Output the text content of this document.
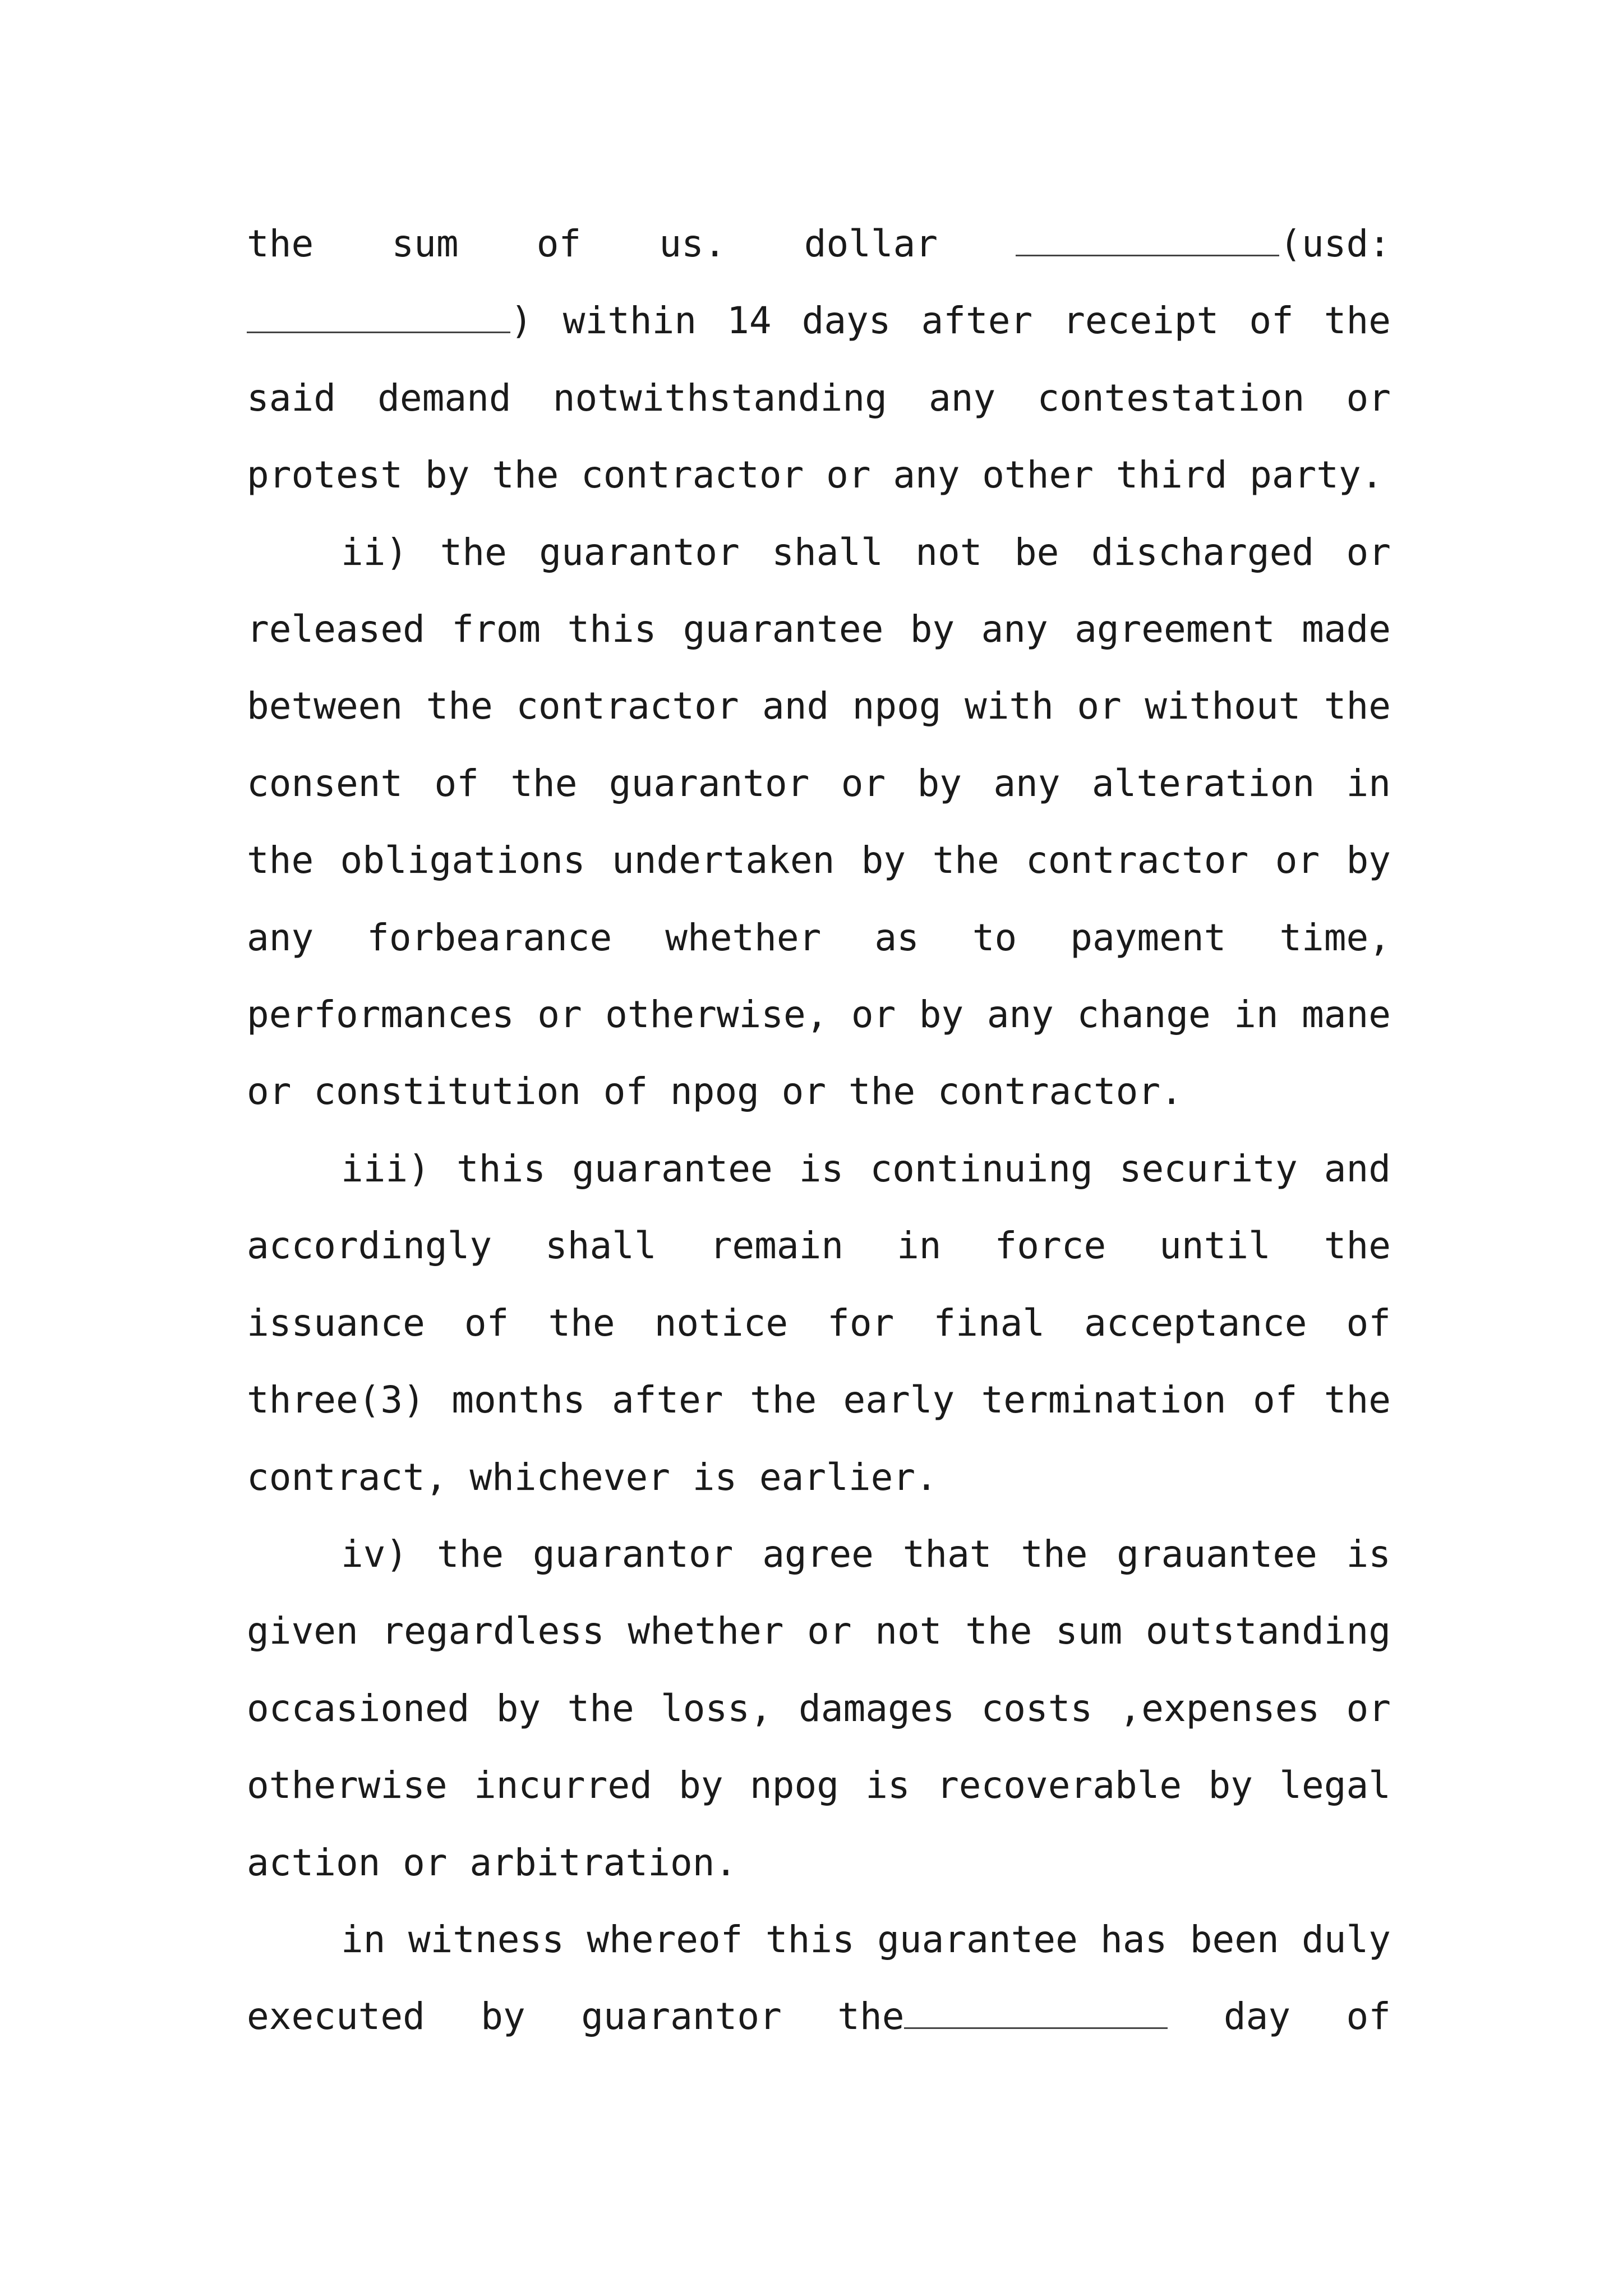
the sum of us. dollar	(usd: ) within 14 days after receipt of the said demand notwithstanding any contestation or protest by the contractor or any other third party.

ii) the guarantor shall not be discharged or released from this guarantee by any agreement made between the contractor and npog with or without the consent of the guarantor or by any alteration in the obligations undertaken by the contractor or by any forbearance whether as to payment time, performances or otherwise, or by any change in mane or constitution of npog or the contractor.

iii) this guarantee is continuing security and accordingly shall remain in force until the issuance of the notice for final acceptance of three(3) months after the early termination of the contract, whichever is earlier.

iv) the guarantor agree that the grauantee is given regardless whether or not the sum outstanding occasioned by the loss, damages costs ,expenses or otherwise incurred by npog is recoverable by legal action or arbitration.

in witness whereof this guarantee has been duly executed by guarantor the	day of
